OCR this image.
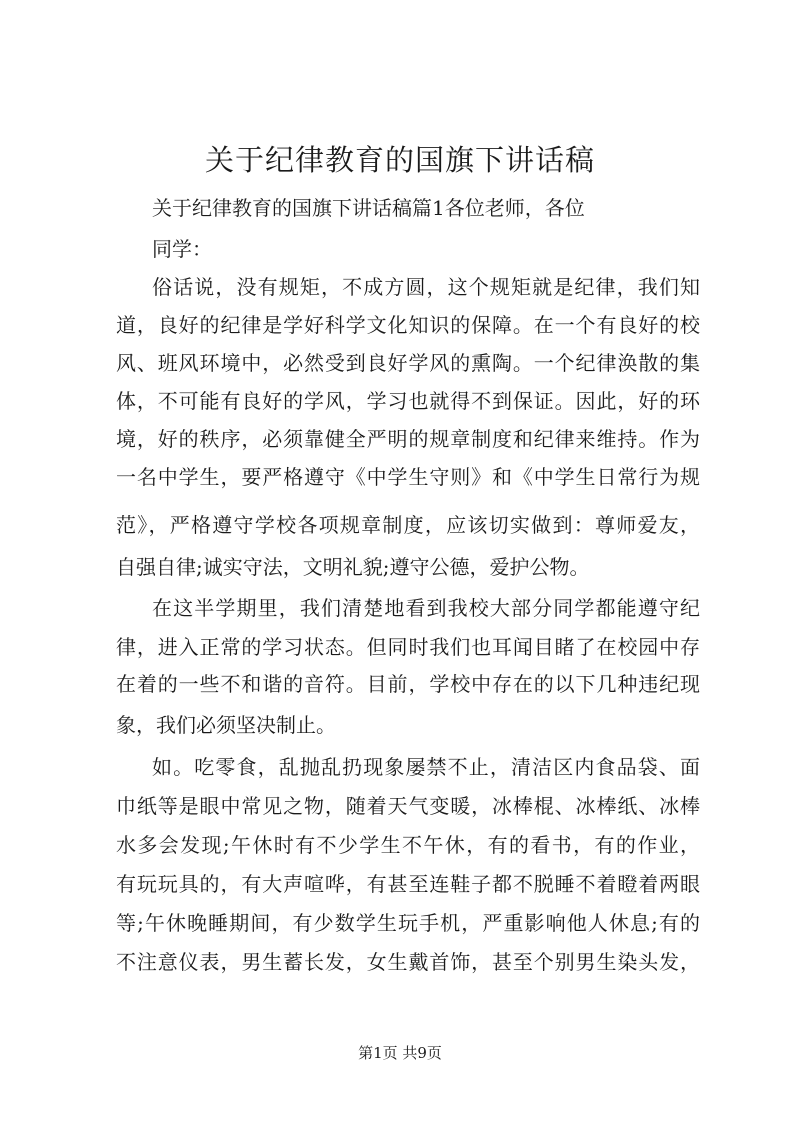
关于纪律教育的国旗下讲话稿

关于纪律教育的国旗下讲话稿篇1各位老师，各位

同学：

俗话说，没有规矩，不成方圆，这个规矩就是纪律，我们知

道，良好的纪律是学好科学文化知识的保障。在一个有良好的校

风、班风环境中，必然受到良好学风的熏陶。一个纪律涣散的集

体，不可能有良好的学风，学习也就得不到保证。因此，好的环

境，好的秩序，必须靠健全严明的规章制度和纪律来维持。作为

一名中学生，要严格遵守《中学生守则》和《中学生日常行为规

范》，严格遵守学校各项规章制度，应该切实做到：尊师爱友，

自强自律;诚实守法，文明礼貌;遵守公德，爱护公物。

在这半学期里，我们清楚地看到我校大部分同学都能遵守纪

律，进入正常的学习状态。但同时我们也耳闻目睹了在校园中存

在着的一些不和谐的音符。目前，学校中存在的以下几种违纪现

象，我们必须坚决制止。

如。吃零食，乱抛乱扔现象屡禁不止，清洁区内食品袋、面

巾纸等是眼中常见之物，随着天气变暖，冰棒棍、冰棒纸、冰棒

水多会发现;午休时有不少学生不午休，有的看书，有的作业，

有玩玩具的，有大声喧哗，有甚至连鞋子都不脱睡不着瞪着两眼

等;午休晚睡期间，有少数学生玩手机，严重影响他人休息;有的

不注意仪表，男生蓄长发，女生戴首饰，甚至个别男生染头发，

第1页 共9页
